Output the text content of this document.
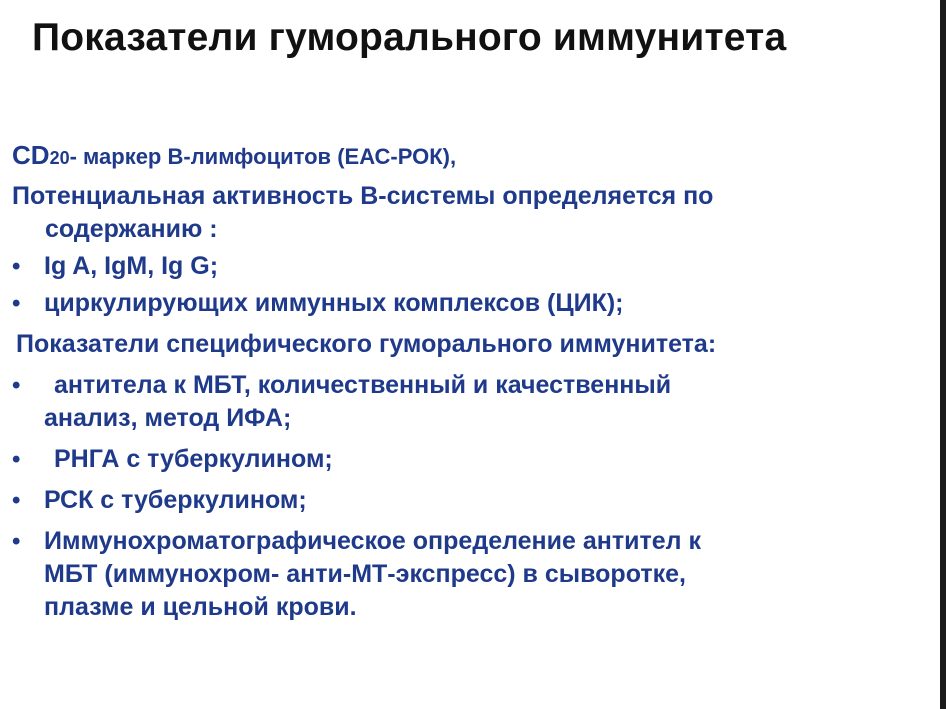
Показатели гуморального иммунитета
CD20- маркер В-лимфоцитов (ЕАС-РОК),
Потенциальная активность В-системы определяется по
содержанию :
• Ig A, IgM, Ig G;
• циркулирующих иммунных комплексов (ЦИК);
Показатели специфического гуморального иммунитета:
• антитела к МБТ, количественный и качественный
анализ, метод ИФА;
• РНГА с туберкулином;
• РСК с туберкулином;
• Иммунохроматографическое определение антител к
МБТ (иммунохром- анти-МТ-экспресс) в сыворотке,
плазме и цельной крови.
